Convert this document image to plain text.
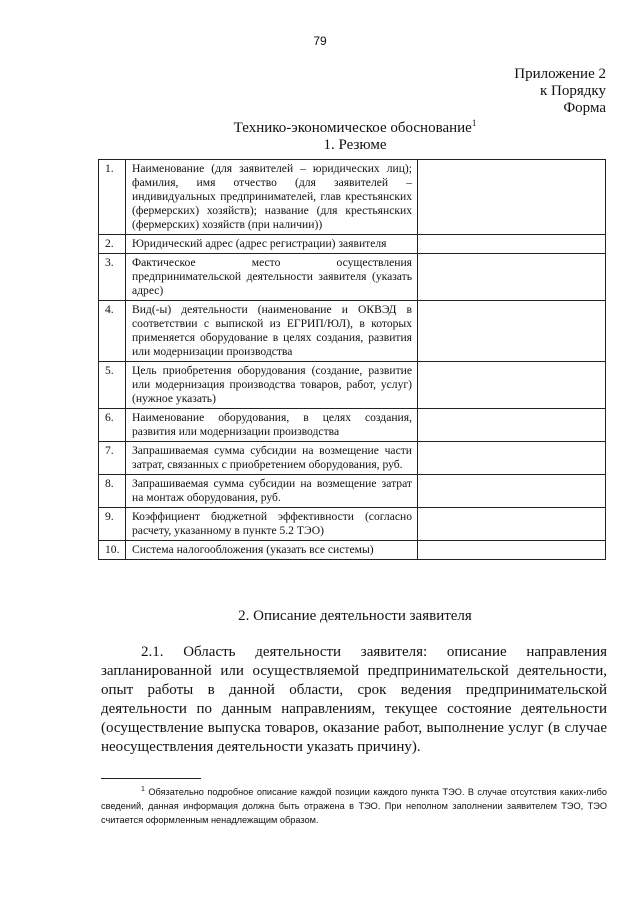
79
Приложение 2
к Порядку
Форма
Технико-экономическое обоснование$^1$
1. Резюме
1.	Наименование (для заявителей – юридических лиц); фамилия, имя отчество (для заявителей – индивидуальных предпринимателей, глав крестьянских (фермерских) хозяйств); название (для крестьянских (фермерских) хозяйств (при наличии))	
2.	Юридический адрес (адрес регистрации) заявителя	
3.	Фактическое место осуществления предпринимательской деятельности заявителя (указать адрес)	
4.	Вид(-ы) деятельности (наименование и ОКВЭД в соответствии с выпиской из ЕГРИП/ЮЛ), в которых применяется оборудование в целях создания, развития или модернизации производства	
5.	Цель приобретения оборудования (создание, развитие или модернизация производства товаров, работ, услуг) (нужное указать)	
6.	Наименование оборудования, в целях создания, развития или модернизации производства	
7.	Запрашиваемая сумма субсидии на возмещение части затрат, связанных с приобретением оборудования, руб.	
8.	Запрашиваемая сумма субсидии на возмещение затрат на монтаж оборудования, руб.	
9.	Коэффициент бюджетной эффективности (согласно расчету, указанному в пункте 5.2 ТЭО)	
10.	Система налогообложения (указать все системы)	
2. Описание деятельности заявителя
2.1. Область деятельности заявителя: описание направления запланированной или осуществляемой предпринимательской деятельности, опыт работы в данной области, срок ведения предпринимательской деятельности по данным направлениям, текущее состояние деятельности (осуществление выпуска товаров, оказание работ, выполнение услуг (в случае неосуществления деятельности указать причину).
$^1$ Обязательно подробное описание каждой позиции каждого пункта ТЭО. В случае отсутствия каких-либо сведений, данная информация должна быть отражена в ТЭО. При неполном заполнении заявителем ТЭО, ТЭО считается оформленным ненадлежащим образом.
